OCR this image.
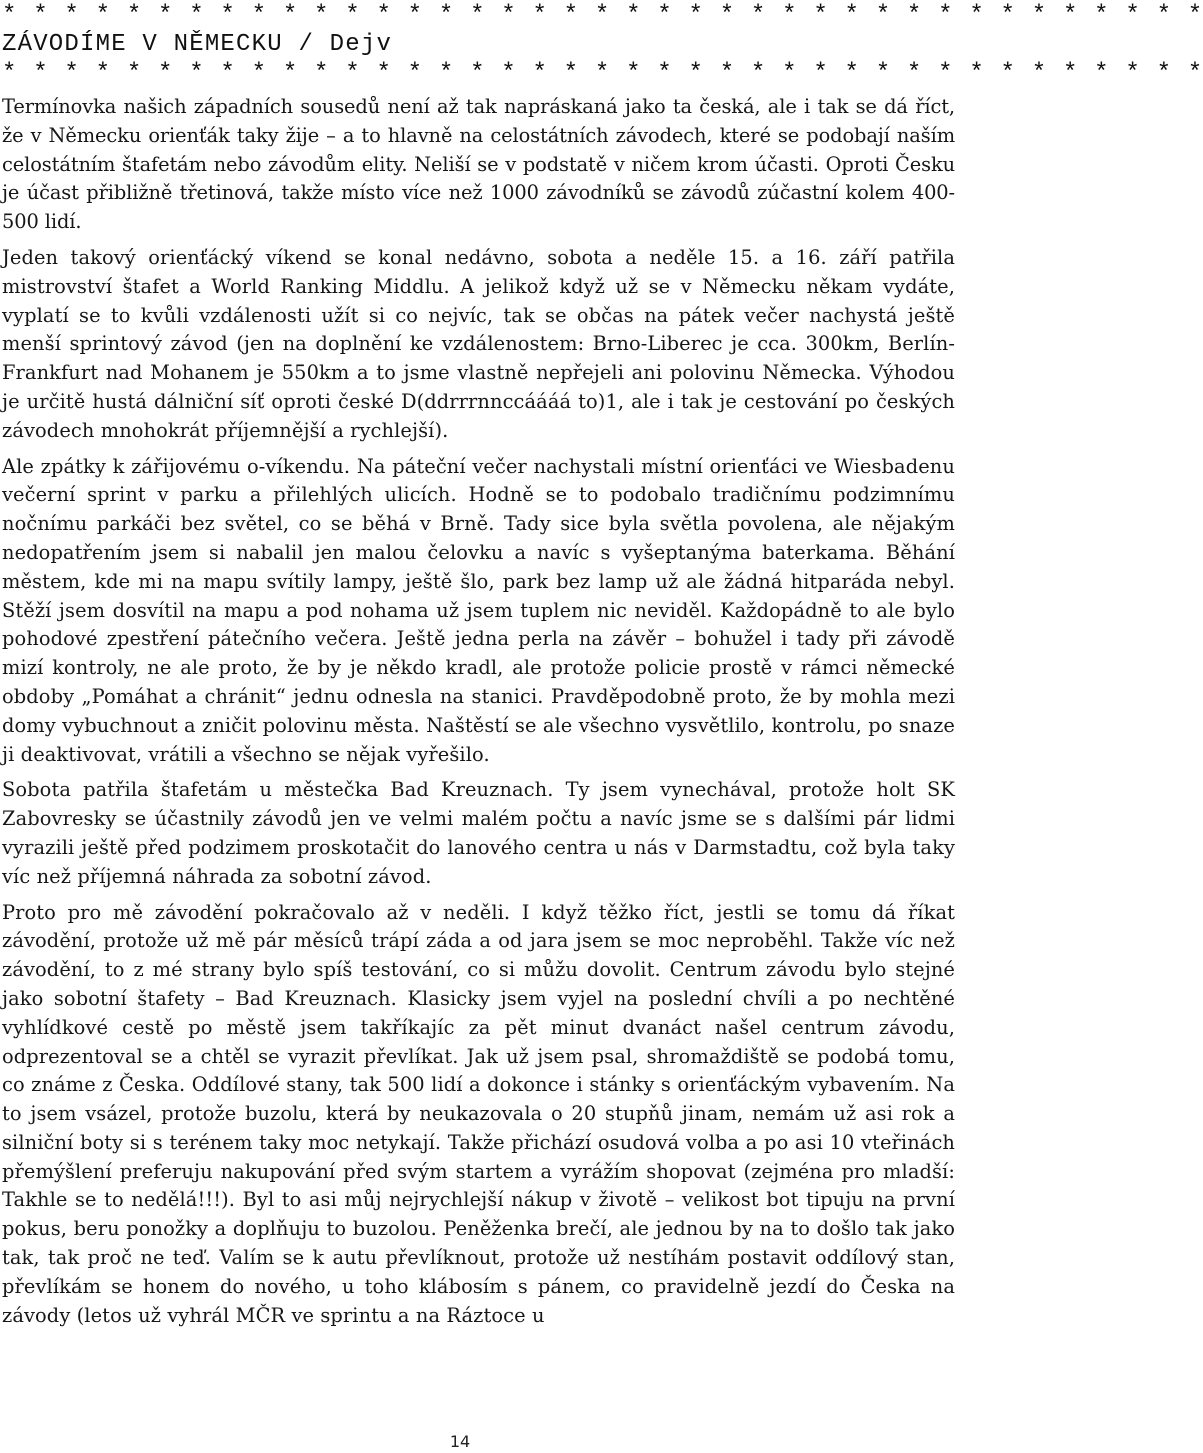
* * * * * * * * * * * * * * * * * * * * * * * * * * * * * * * * * * * * * * *
ZÁVODÍME V NĚMECKU / Dejv
* * * * * * * * * * * * * * * * * * * * * * * * * * * * * * * * * * * * * * *

Termínovka našich západních sousedů není až tak napráskaná jako ta česká, ale i tak se dá říct, že v Německu orienťák taky žije – a to hlavně na celostátních závodech, které se podobají naším celostátním štafetám nebo závodům elity. Neliší se v podstatě v ničem krom účasti. Oproti Česku je účast přibližně třetinová, takže místo více než 1000 závodníků se závodů zúčastní kolem 400-500 lidí.

Jeden takový orienťácký víkend se konal nedávno, sobota a neděle 15. a 16. září patřila mistrovství štafet a World Ranking Middlu. A jelikož když už se v Německu někam vydáte, vyplatí se to kvůli vzdálenosti užít si co nejvíc, tak se občas na pátek večer nachystá ještě menší sprintový závod (jen na doplnění ke vzdálenostem: Brno-Liberec je cca. 300km, Berlín-Frankfurt nad Mohanem je 550km a to jsme vlastně nepřejeli ani polovinu Německa. Výhodou je určitě hustá dálniční síť oproti české D(ddrrrnnccáááá to)1, ale i tak je cestování po českých závodech mnohokrát příjemnější a rychlejší).

Ale zpátky k zářijovému o-víkendu. Na páteční večer nachystali místní orienťáci ve Wiesbadenu večerní sprint v parku a přilehlých ulicích. Hodně se to podobalo tradičnímu podzimnímu nočnímu parkáči bez světel, co se běhá v Brně. Tady sice byla světla povolena, ale nějakým nedopatřením jsem si nabalil jen malou čelovku a navíc s vyšeptanýma baterkama. Běhání městem, kde mi na mapu svítily lampy, ještě šlo, park bez lamp už ale žádná hitparáda nebyl. Stěží jsem dosvítil na mapu a pod nohama už jsem tuplem nic neviděl. Každopádně to ale bylo pohodové zpestření pátečního večera. Ještě jedna perla na závěr – bohužel i tady při závodě mizí kontroly, ne ale proto, že by je někdo kradl, ale protože policie prostě v rámci německé obdoby „Pomáhat a chránit“ jednu odnesla na stanici. Pravděpodobně proto, že by mohla mezi domy vybuchnout a zničit polovinu města. Naštěstí se ale všechno vysvětlilo, kontrolu, po snaze ji deaktivovat, vrátili a všechno se nějak vyřešilo.

Sobota patřila štafetám u městečka Bad Kreuznach. Ty jsem vynechával, protože holt SK Zabovresky se účastnily závodů jen ve velmi malém počtu a navíc jsme se s dalšími pár lidmi vyrazili ještě před podzimem proskotačit do lanového centra u nás v Darmstadtu, což byla taky víc než příjemná náhrada za sobotní závod.

Proto pro mě závodění pokračovalo až v neděli. I když těžko říct, jestli se tomu dá říkat závodění, protože už mě pár měsíců trápí záda a od jara jsem se moc neproběhl. Takže víc než závodění, to z mé strany bylo spíš testování, co si můžu dovolit. Centrum závodu bylo stejné jako sobotní štafety – Bad Kreuznach. Klasicky jsem vyjel na poslední chvíli a po nechtěné vyhlídkové cestě po městě jsem takříkajíc za pět minut dvanáct našel centrum závodu, odprezentoval se a chtěl se vyrazit převlíkat. Jak už jsem psal, shromaždiště se podobá tomu, co známe z Česka. Oddílové stany, tak 500 lidí a dokonce i stánky s orienťáckým vybavením. Na to jsem vsázel, protože buzolu, která by neukazovala o 20 stupňů jinam, nemám už asi rok a silniční boty si s terénem taky moc netykají. Takže přichází osudová volba a po asi 10 vteřinách přemýšlení preferuju nakupování před svým startem a vyrážím shopovat (zejména pro mladší: Takhle se to nedělá!!!). Byl to asi můj nejrychlejší nákup v životě – velikost bot tipuju na první pokus, beru ponožky a doplňuju to buzolou. Peněženka brečí, ale jednou by na to došlo tak jako tak, tak proč ne teď. Valím se k autu převlíknout, protože už nestíhám postavit oddílový stan, převlíkám se honem do nového, u toho klábosím s pánem, co pravidelně jezdí do Česka na závody (letos už vyhrál MČR ve sprintu a na Ráztoce u

14
